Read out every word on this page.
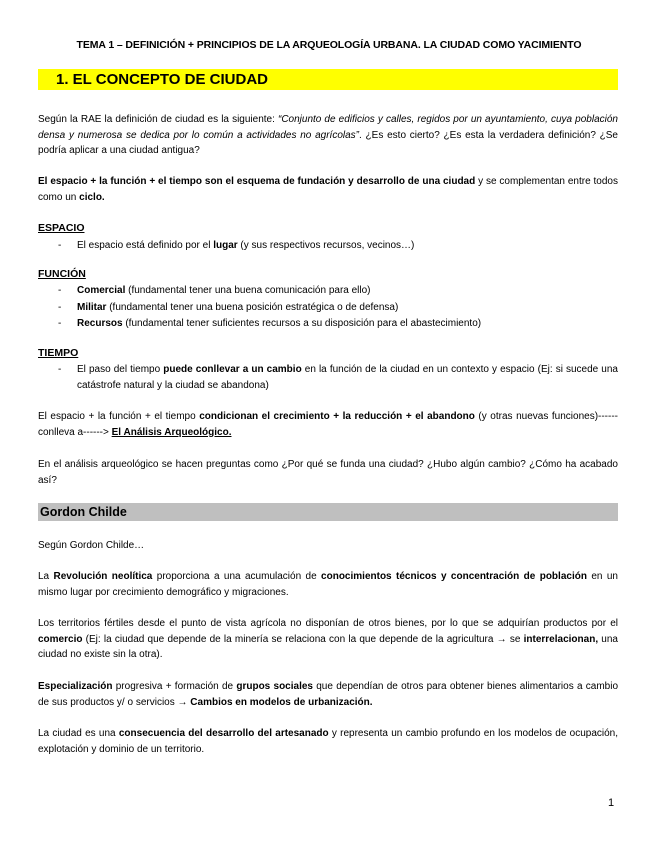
TEMA 1 – DEFINICIÓN + PRINCIPIOS DE LA ARQUEOLOGÍA URBANA. LA CIUDAD COMO YACIMIENTO
1. EL CONCEPTO DE CIUDAD
Según la RAE la definición de ciudad es la siguiente: “Conjunto de edificios y calles, regidos por un ayuntamiento, cuya población densa y numerosa se dedica por lo común a actividades no agrícolas”. ¿Es esto cierto? ¿Es esta la verdadera definición? ¿Se podría aplicar a una ciudad antigua?
El espacio + la función + el tiempo son el esquema de fundación y desarrollo de una ciudad y se complementan entre todos como un ciclo.
ESPACIO
-	El espacio está definido por el lugar (y sus respectivos recursos, vecinos…)
FUNCIÓN
-	Comercial (fundamental tener una buena comunicación para ello)
-	Militar (fundamental tener una buena posición estratégica o de defensa)
-	Recursos (fundamental tener suficientes recursos a su disposición para el abastecimiento)
TIEMPO
-	El paso del tiempo puede conllevar a un cambio en la función de la ciudad en un contexto y espacio (Ej: si sucede una catástrofe natural y la ciudad se abandona)
El espacio + la función + el tiempo condicionan el crecimiento + la reducción + el abandono (y otras nuevas funciones)------ conlleva a------> El Análisis Arqueológico.
En el análisis arqueológico se hacen preguntas como ¿Por qué se funda una ciudad? ¿Hubo algún cambio? ¿Cómo ha acabado así?
Gordon Childe
Según Gordon Childe…
La Revolución neolítica proporciona a una acumulación de conocimientos técnicos y concentración de población en un mismo lugar por crecimiento demográfico y migraciones.
Los territorios fértiles desde el punto de vista agrícola no disponían de otros bienes, por lo que se adquirían productos por el comercio (Ej: la ciudad que depende de la minería se relaciona con la que depende de la agricultura → se interrelacionan, una ciudad no existe sin la otra).
Especialización progresiva + formación de grupos sociales que dependían de otros para obtener bienes alimentarios a cambio de sus productos y/ o servicios → Cambios en modelos de urbanización.
La ciudad es una consecuencia del desarrollo del artesanado y representa un cambio profundo en los modelos de ocupación, explotación y dominio de un territorio.
1
